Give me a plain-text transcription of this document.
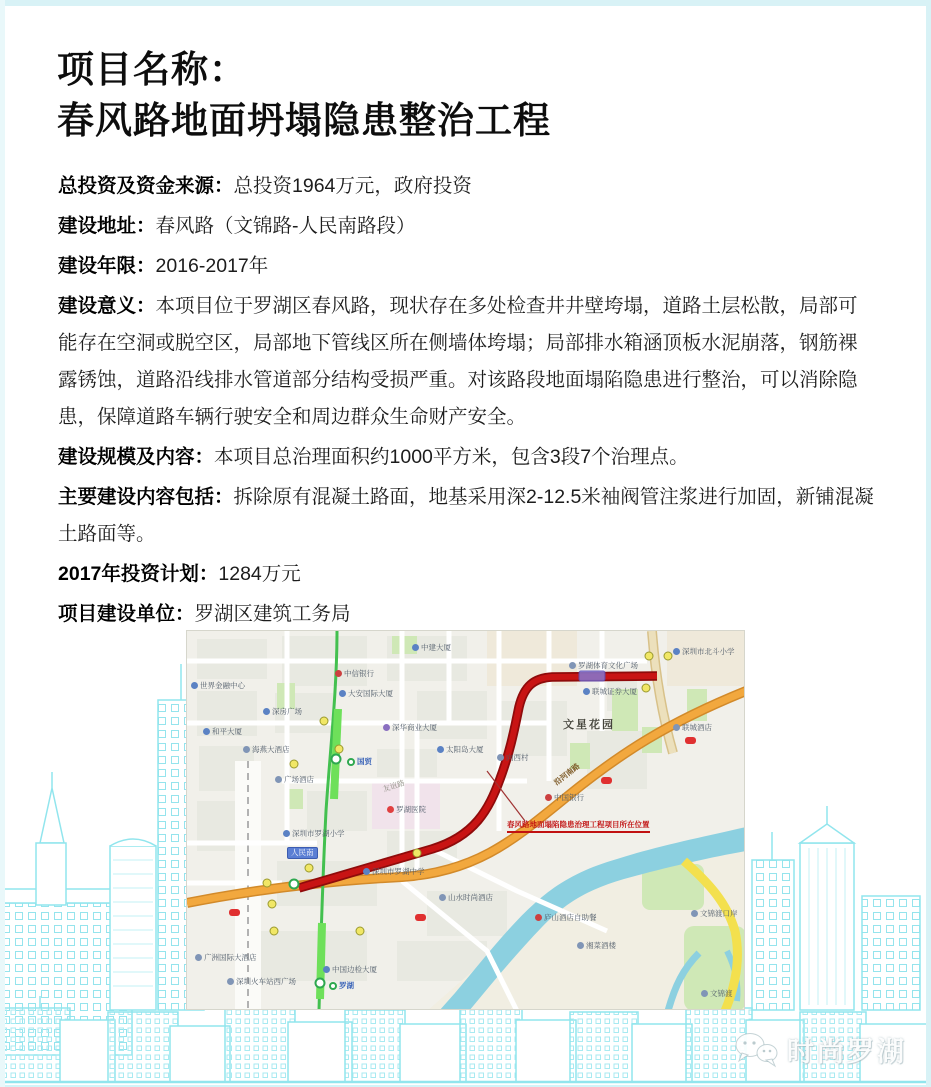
项目名称：
春风路地面坍塌隐患整治工程

总投资及资金来源：总投资1964万元，政府投资

建设地址：春风路（文锦路-人民南路段）

建设年限：2016-2017年

建设意义：本项目位于罗湖区春风路，现状存在多处检查井井壁垮塌，道路土层松散，局部可能存在空洞或脱空区，局部地下管线区所在侧墙体垮塌；局部排水箱涵顶板水泥崩落，钢筋裸露锈蚀，道路沿线排水管道部分结构受损严重。对该路段地面塌陷隐患进行整治，可以消除隐患，保障道路车辆行驶安全和周边群众生命财产安全。

建设规模及内容：本项目总治理面积约1000平方米，包含3段7个治理点。

主要建设内容包括：拆除原有混凝土路面，地基采用深2-12.5米袖阀管注浆进行加固，新铺混凝土路面等。

2017年投资计划：1284万元

项目建设单位：罗湖区建筑工务局

中建大厦
罗湖体育文化广场
联城证券大厦
深圳市北斗小学
文星花园
向西村
中信银行
大安国际大厦
深华商业大厦
国贸
友谊路
罗湖医院
中国银行
联城酒店
深圳市罗湖小学
深圳市罗湖中学
沿河南路
山水时尚酒店
中国边检大厦
广洲国际大酒店
深圳火车站西广场	罗湖
庐山酒店自助餐
湘菜酒楼
文锦渡口岸
文锦渡
世界金融中心
和平大厦
深房广场
海燕大酒店
广场酒店
太阳岛大厦
春风路地面塌陷隐患治理工程项目所在位置
人民南
时尚罗湖
